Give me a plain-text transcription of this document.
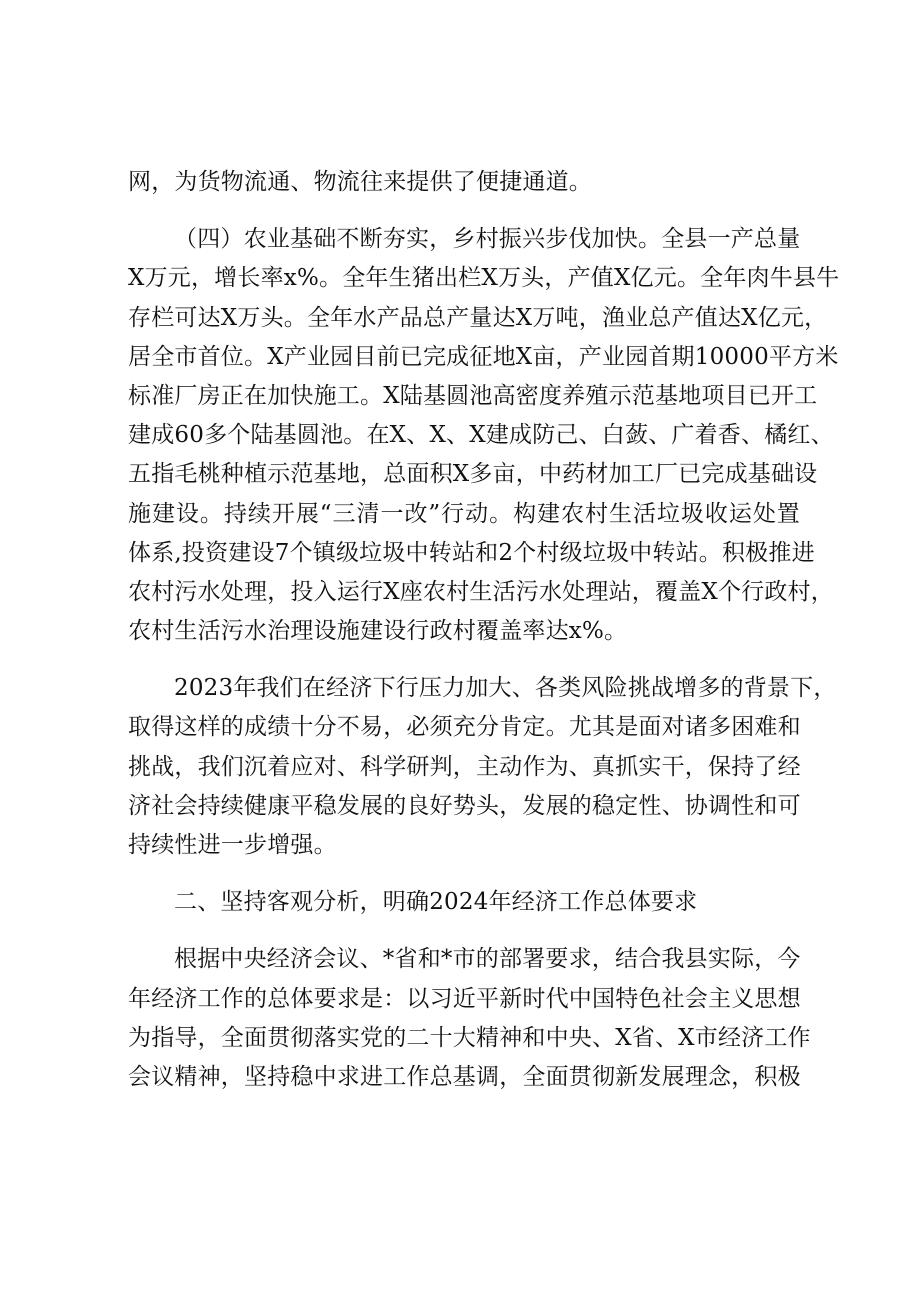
网，为货物流通、物流往来提供了便捷通道。

（四）农业基础不断夯实，乡村振兴步伐加快。全县一产总量
X万元，增长率x%。全年生猪出栏X万头，产值X亿元。全年肉牛县牛
存栏可达X万头。全年水产品总产量达X万吨，渔业总产值达X亿元，
居全市首位。X产业园目前已完成征地X亩，产业园首期10000平方米
标准厂房正在加快施工。X陆基圆池高密度养殖示范基地项目已开工
建成60多个陆基圆池。在X、X、X建成防己、白蔹、广着香、橘红、
五指毛桃种植示范基地，总面积X多亩，中药材加工厂已完成基础设
施建设。持续开展“三清一改”行动。构建农村生活垃圾收运处置
体系,投资建设7个镇级垃圾中转站和2个村级垃圾中转站。积极推进
农村污水处理，投入运行X座农村生活污水处理站，覆盖X个行政村，
农村生活污水治理设施建设行政村覆盖率达x%。

2023年我们在经济下行压力加大、各类风险挑战增多的背景下，
取得这样的成绩十分不易，必须充分肯定。尤其是面对诸多困难和
挑战，我们沉着应对、科学研判，主动作为、真抓实干，保持了经
济社会持续健康平稳发展的良好势头，发展的稳定性、协调性和可
持续性进一步增强。

二、坚持客观分析，明确2024年经济工作总体要求

根据中央经济会议、*省和*市的部署要求，结合我县实际，今
年经济工作的总体要求是：以习近平新时代中国特色社会主义思想
为指导，全面贯彻落实党的二十大精神和中央、X省、X市经济工作
会议精神，坚持稳中求进工作总基调，全面贯彻新发展理念，积极
